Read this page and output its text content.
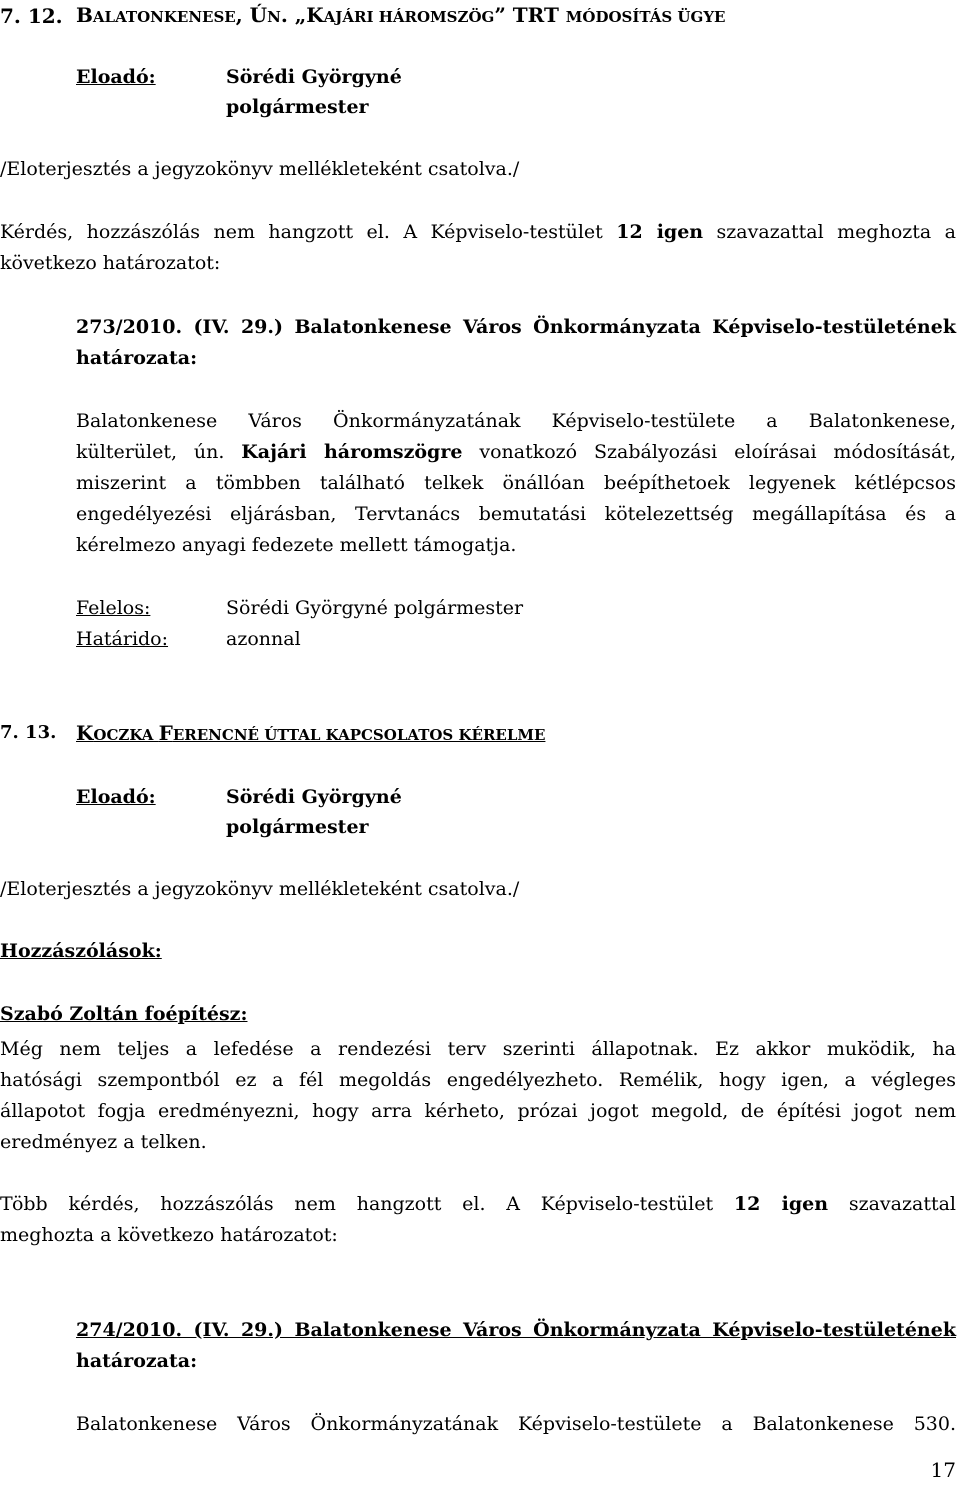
7. 12. BALATONKENESE, ÚN. „KAJÁRI HÁROMSZÖG” TRT MÓDOSÍTÁS ÜGYE
Eloadó:	Sörédi Györgyné
polgármester
/Eloterjesztés a jegyzokönyv mellékleteként csatolva./
Kérdés, hozzászólás nem hangzott el. A Képviselo-testület 12 igen szavazattal meghozta a
következo határozatot:
273/2010. (IV. 29.) Balatonkenese Város Önkormányzata Képviselo-testületének
határozata:
Balatonkenese Város Önkormányzatának Képviselo-testülete a Balatonkenese,
külterület, ún. Kajári háromszögre vonatkozó Szabályozási eloírásai módosítását,
miszerint a tömbben található telkek önállóan beépíthetoek legyenek kétlépcsos
engedélyezési eljárásban, Tervtanács bemutatási kötelezettség megállapítása és a
kérelmezo anyagi fedezete mellett támogatja.
Felelos:	Sörédi Györgyné polgármester
Határido:	azonnal
7. 13. KOCZKA FERENCNÉ ÚTTAL KAPCSOLATOS KÉRELME
Eloadó:	Sörédi Györgyné
polgármester
/Eloterjesztés a jegyzokönyv mellékleteként csatolva./
Hozzászólások:
Szabó Zoltán foépítész:
Még nem teljes a lefedése a rendezési terv szerinti állapotnak. Ez akkor muködik, ha
hatósági szempontból ez a fél megoldás engedélyezheto. Remélik, hogy igen, a végleges
állapotot fogja eredményezni, hogy arra kérheto, prózai jogot megold, de építési jogot nem
eredményez a telken.
Több kérdés, hozzászólás nem hangzott el. A Képviselo-testület 12 igen szavazattal
meghozta a következo határozatot:
274/2010. (IV. 29.) Balatonkenese Város Önkormányzata Képviselo-testületének
határozata:
Balatonkenese Város Önkormányzatának Képviselo-testülete a Balatonkenese 530.
17
